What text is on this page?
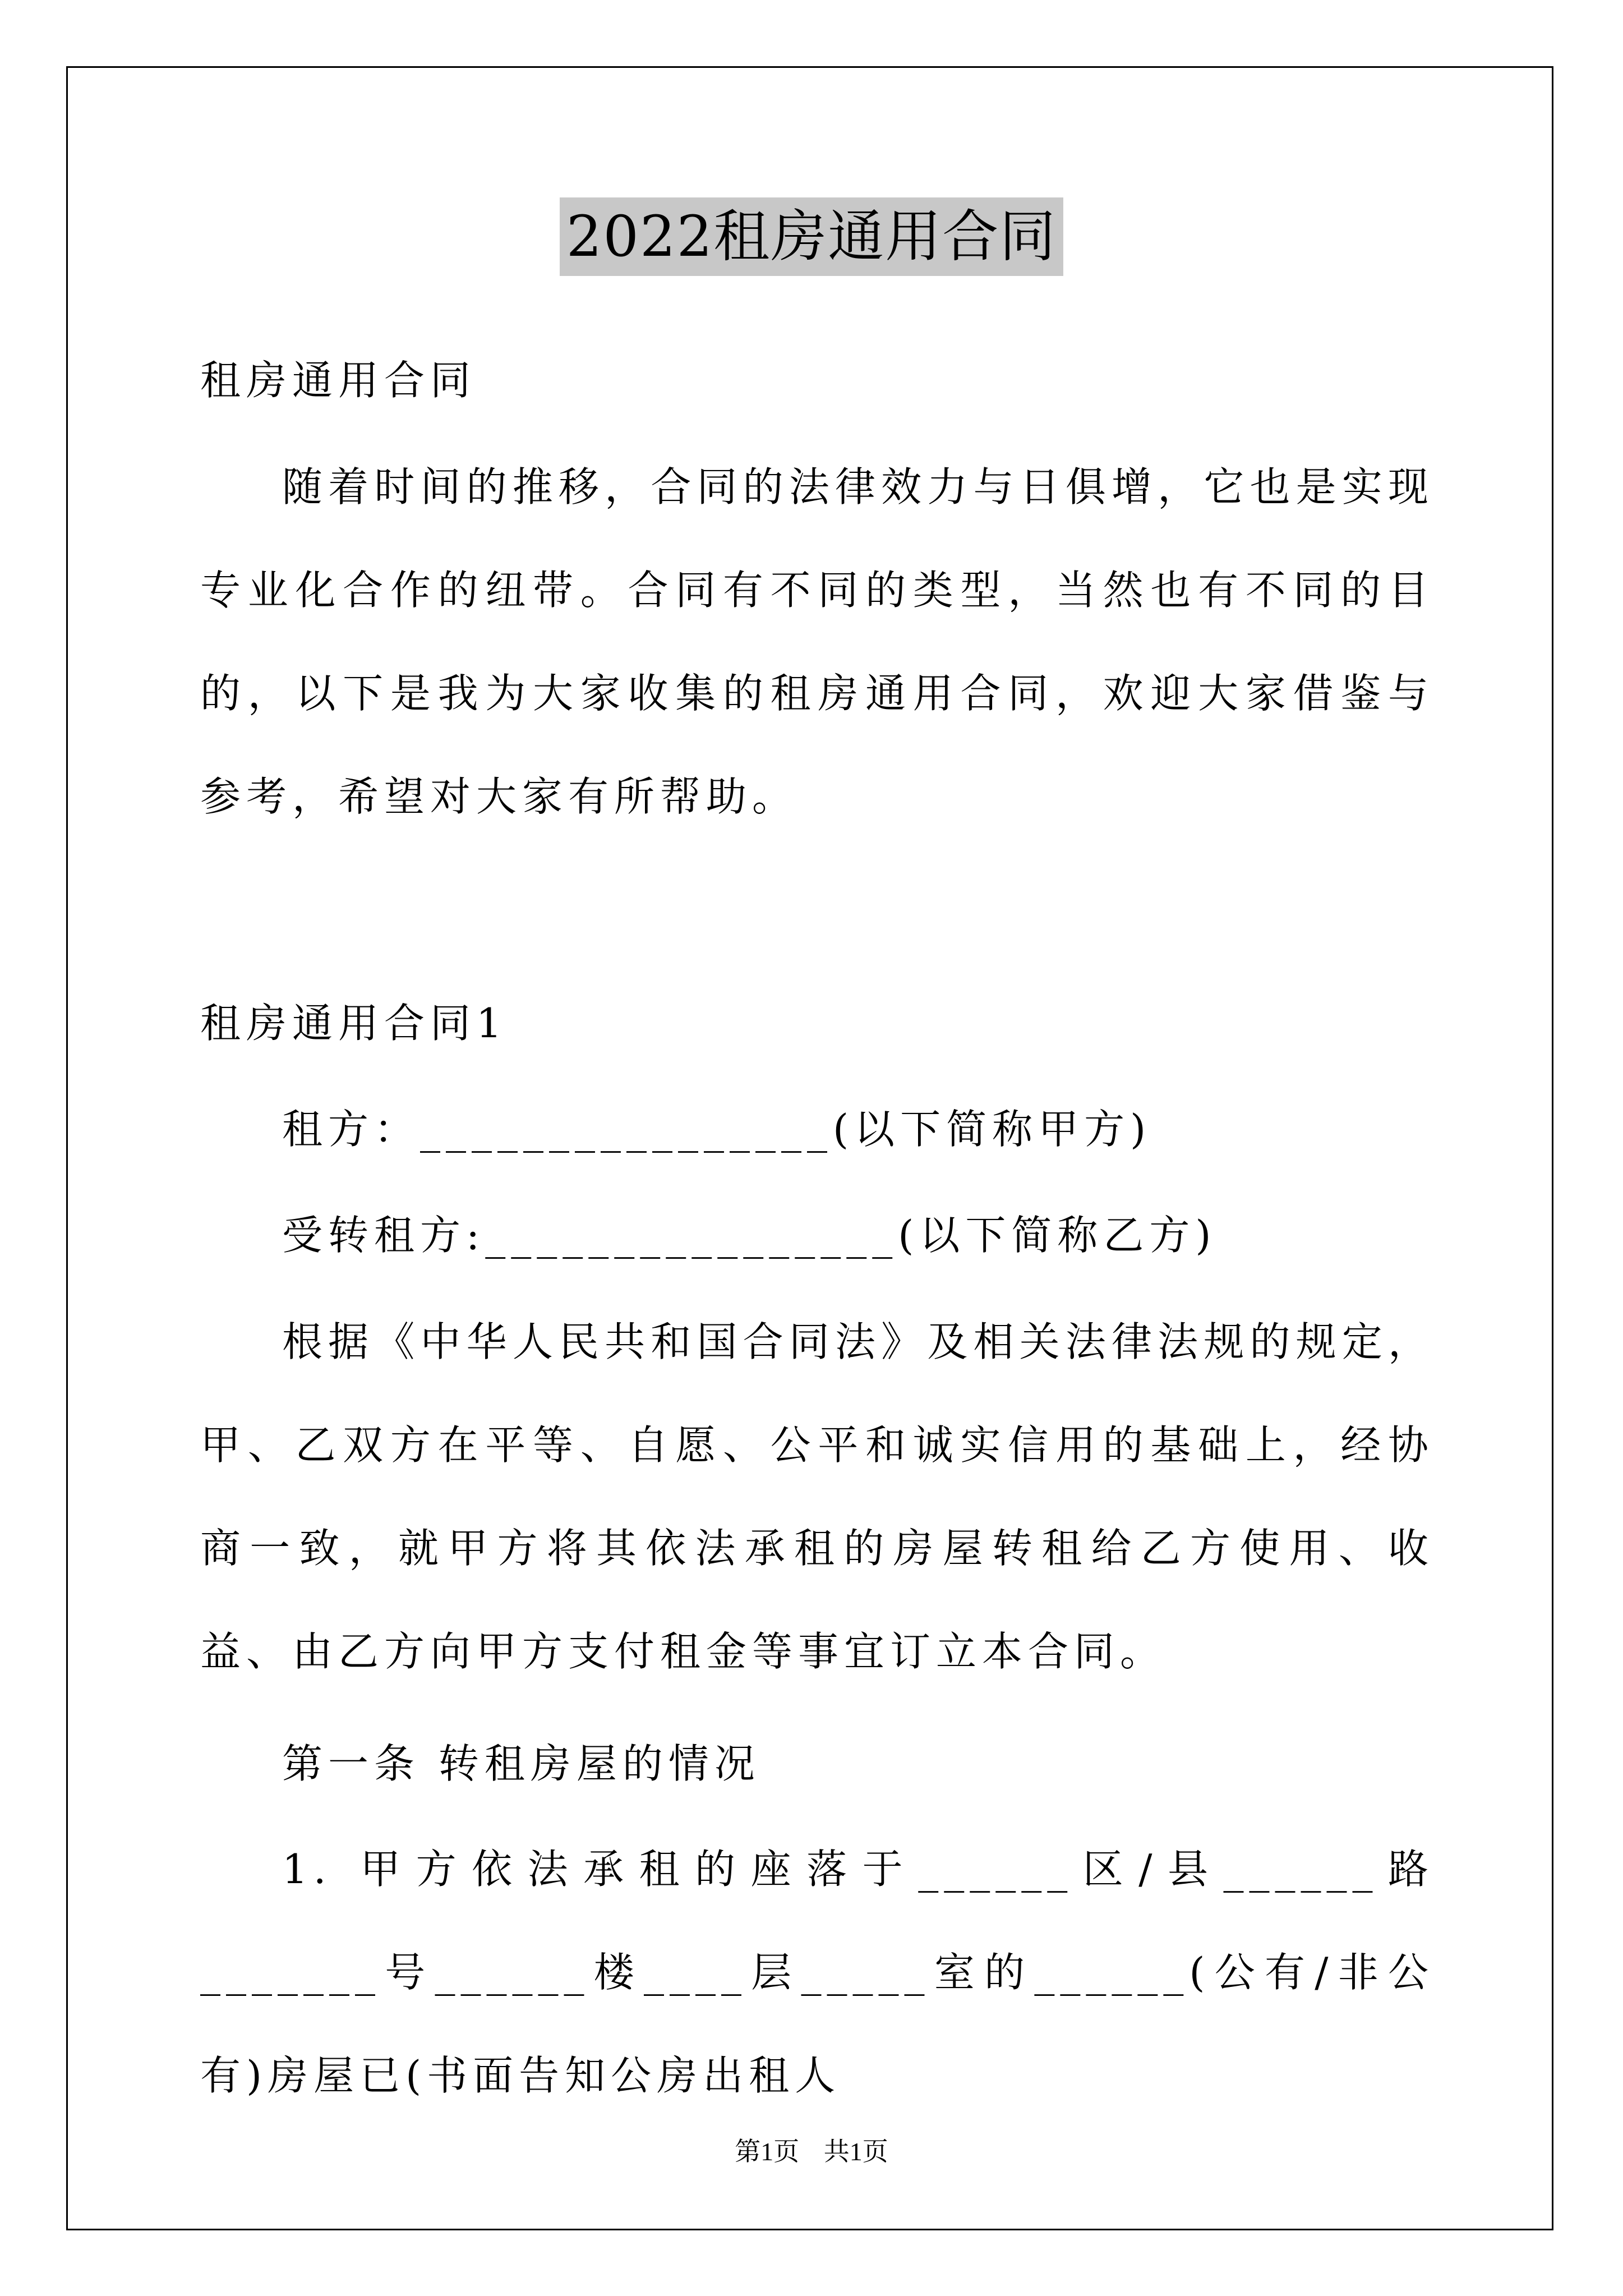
2022租房通用合同
租房通用合同
随着时间的推移，合同的法律效力与日俱增，它也是实现专业化合作的纽带。合同有不同的类型，当然也有不同的目的，以下是我为大家收集的租房通用合同，欢迎大家借鉴与参考，希望对大家有所帮助。
租房通用合同1
租方：________________(以下简称甲方)
受转租方:________________(以下简称乙方)
根据《中华人民共和国合同法》及相关法律法规的规定，甲、乙双方在平等、自愿、公平和诚实信用的基础上，经协商一致，就甲方将其依法承租的房屋转租给乙方使用、收益、由乙方向甲方支付租金等事宜订立本合同。
第一条 转租房屋的情况
1. 甲方依法承租的座落于______区/县______路_______号______楼____层_____室的______(公有/非公有)房屋已(书面告知公房出租人
第1页 共1页
